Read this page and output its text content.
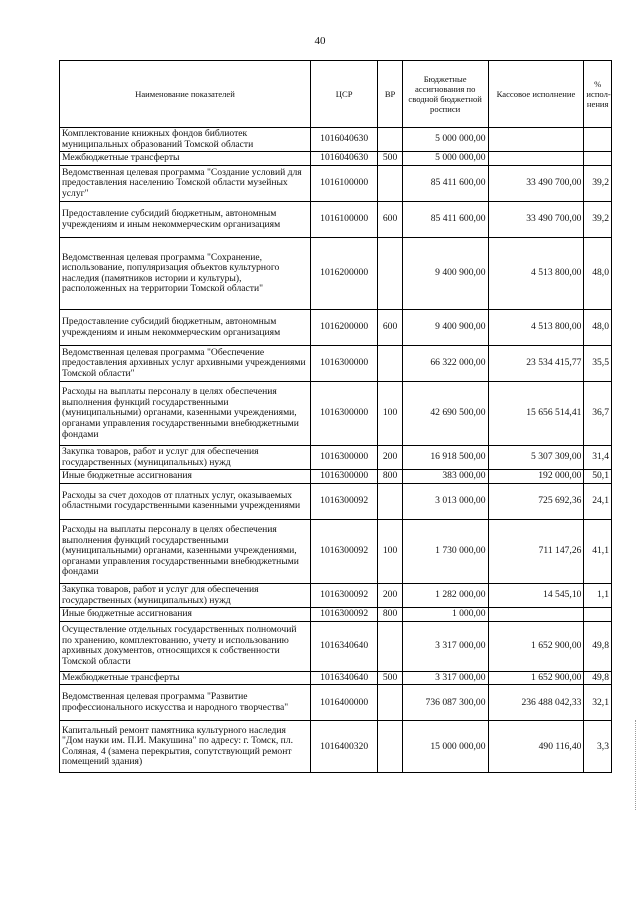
40
Наименование показателей	ЦСР	ВР	Бюджетные ассигнования по сводной бюджетной росписи	Кассовое исполнение	% испол- нения
Комплектование книжных фондов библиотек муниципальных образований Томской области	1016040630		5 000 000,00		
Межбюджетные трансферты	1016040630	500	5 000 000,00		
Ведомственная целевая программа "Создание условий для предоставления населению Томской области музейных услуг"	1016100000		85 411 600,00	33 490 700,00	39,2
Предоставление субсидий бюджетным, автономным учреждениям и иным некоммерческим организациям	1016100000	600	85 411 600,00	33 490 700,00	39,2
Ведомственная целевая программа "Сохранение, использование, популяризация объектов культурного наследия (памятников истории и культуры), расположенных на территории Томской области"	1016200000		9 400 900,00	4 513 800,00	48,0
Предоставление субсидий бюджетным, автономным учреждениям и иным некоммерческим организациям	1016200000	600	9 400 900,00	4 513 800,00	48,0
Ведомственная целевая программа "Обеспечение предоставления архивных услуг архивными учреждениями Томской области"	1016300000		66 322 000,00	23 534 415,77	35,5
Расходы на выплаты персоналу в целях обеспечения выполнения функций государственными (муниципальными) органами, казенными учреждениями, органами управления государственными внебюджетными фондами	1016300000	100	42 690 500,00	15 656 514,41	36,7
Закупка товаров, работ и услуг для обеспечения государственных (муниципальных) нужд	1016300000	200	16 918 500,00	5 307 309,00	31,4
Иные бюджетные ассигнования	1016300000	800	383 000,00	192 000,00	50,1
Расходы за счет доходов от платных услуг, оказываемых областными государственными казенными учреждениями	1016300092		3 013 000,00	725 692,36	24,1
Расходы на выплаты персоналу в целях обеспечения выполнения функций государственными (муниципальными) органами, казенными учреждениями, органами управления государственными внебюджетными фондами	1016300092	100	1 730 000,00	711 147,26	41,1
Закупка товаров, работ и услуг для обеспечения государственных (муниципальных) нужд	1016300092	200	1 282 000,00	14 545,10	1,1
Иные бюджетные ассигнования	1016300092	800	1 000,00		
Осуществление отдельных государственных полномочий по хранению, комплектованию, учету и использованию архивных документов, относящихся к собственности Томской области	1016340640		3 317 000,00	1 652 900,00	49,8
Межбюджетные трансферты	1016340640	500	3 317 000,00	1 652 900,00	49,8
Ведомственная целевая программа "Развитие профессионального искусства и народного творчества"	1016400000		736 087 300,00	236 488 042,33	32,1
Капитальный ремонт памятника культурного наследия "Дом науки им. П.И. Макушина" по адресу: г. Томск, пл. Соляная, 4 (замена перекрытия, сопутствующий ремонт помещений здания)	1016400320		15 000 000,00	490 116,40	3,3
